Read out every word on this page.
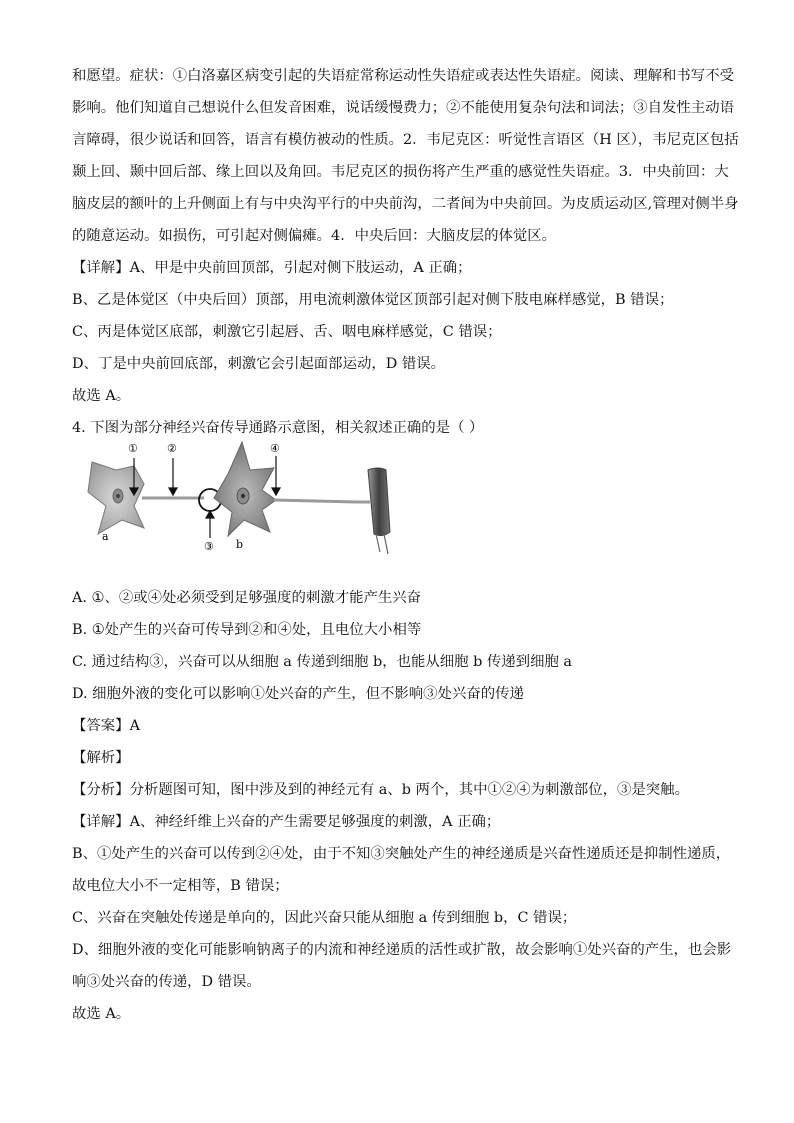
和愿望。症状：①白洛嘉区病变引起的失语症常称运动性失语症或表达性失语症。阅读、理解和书写不受
影响。他们知道自己想说什么但发音困难，说话缓慢费力；②不能使用复杂句法和词法；③自发性主动语
言障碍，很少说话和回答，语言有模仿被动的性质。2．韦尼克区：听觉性言语区（H 区），韦尼克区包括
颞上回、颞中回后部、缘上回以及角回。韦尼克区的损伤将产生严重的感觉性失语症。3．中央前回：大
脑皮层的额叶的上升侧面上有与中央沟平行的中央前沟，二者间为中央前回。为皮质运动区,管理对侧半身
的随意运动。如损伤，可引起对侧偏瘫。4．中央后回：大脑皮层的体觉区。
【详解】A、甲是中央前回顶部，引起对侧下肢运动，A 正确；
B、乙是体觉区（中央后回）顶部，用电流刺激体觉区顶部引起对侧下肢电麻样感觉，B 错误；
C、丙是体觉区底部，刺激它引起唇、舌、咽电麻样感觉，C 错误；
D、丁是中央前回底部，刺激它会引起面部运动，D 错误。
故选 A。
4. 下图为部分神经兴奋传导通路示意图，相关叙述正确的是（ ）
①	②
③
④
a
b
A. ①、②或④处必须受到足够强度的刺激才能产生兴奋
B. ①处产生的兴奋可传导到②和④处，且电位大小相等
C. 通过结构③，兴奋可以从细胞 a 传递到细胞 b，也能从细胞 b 传递到细胞 a
D. 细胞外液的变化可以影响①处兴奋的产生，但不影响③处兴奋的传递
【答案】A
【解析】
【分析】分析题图可知，图中涉及到的神经元有 a、b 两个，其中①②④为刺激部位，③是突触。
【详解】A、神经纤维上兴奋的产生需要足够强度的刺激，A 正确；
B、①处产生的兴奋可以传到②④处，由于不知③突触处产生的神经递质是兴奋性递质还是抑制性递质，
故电位大小不一定相等，B 错误；
C、兴奋在突触处传递是单向的，因此兴奋只能从细胞 a 传到细胞 b，C 错误；
D、细胞外液的变化可能影响钠离子的内流和神经递质的活性或扩散，故会影响①处兴奋的产生，也会影
响③处兴奋的传递，D 错误。
故选 A。
